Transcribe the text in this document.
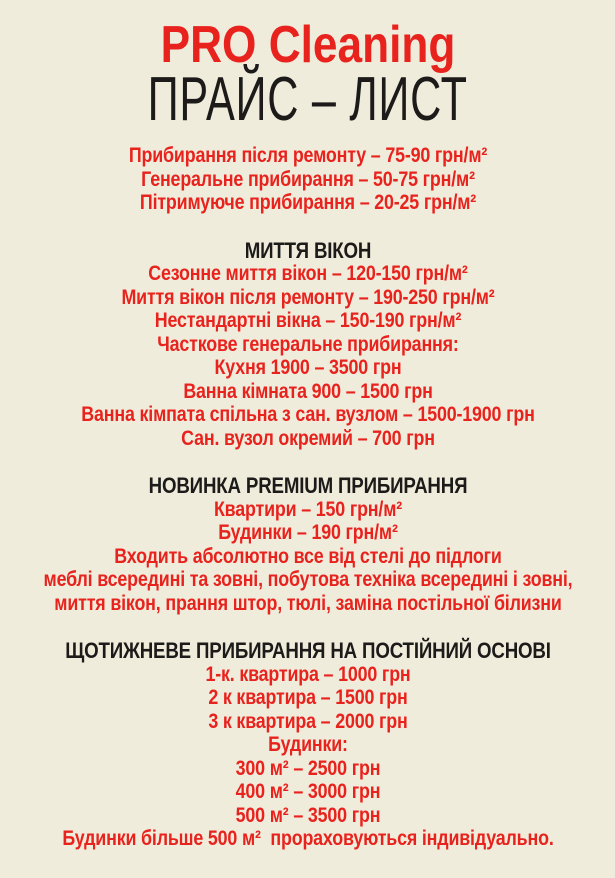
PRO Cleaning
ПРАЙС – ЛИСТ
Прибирання після ремонту – 75-90 грн/м²
Генеральне прибирання – 50-75 грн/м²
Пітримуюче прибирання – 20-25 грн/м²
МИТТЯ ВІКОН
Сезонне миття вікон – 120-150 грн/м²
Миття вікон після ремонту – 190-250 грн/м²
Нестандартні вікна – 150-190 грн/м²
Часткове генеральне прибирання:
Кухня 1900 – 3500 грн
Ванна кімната 900 – 1500 грн
Ванна кімпата спільна з сан. вузлом – 1500-1900 грн
Сан. вузол окремий – 700 грн
НОВИНКА PREMIUM ПРИБИРАННЯ
Квартири – 150 грн/м²
Будинки – 190 грн/м²
Входить абсолютно все від стелі до підлоги
меблі всередині та зовні, побутова техніка всередині і зовні,
миття вікон, прання штор, тюлі, заміна постільної білизни
ЩОТИЖНЕВЕ ПРИБИРАННЯ НА ПОСТІЙНИЙ ОСНОВІ
1-к. квартира – 1000 грн
2 к квартира – 1500 грн
3 к квартира – 2000 грн
Будинки:
300 м² – 2500 грн
400 м² – 3000 грн
500 м² – 3500 грн
Будинки більше 500 м²  прораховуються індивідуально.
